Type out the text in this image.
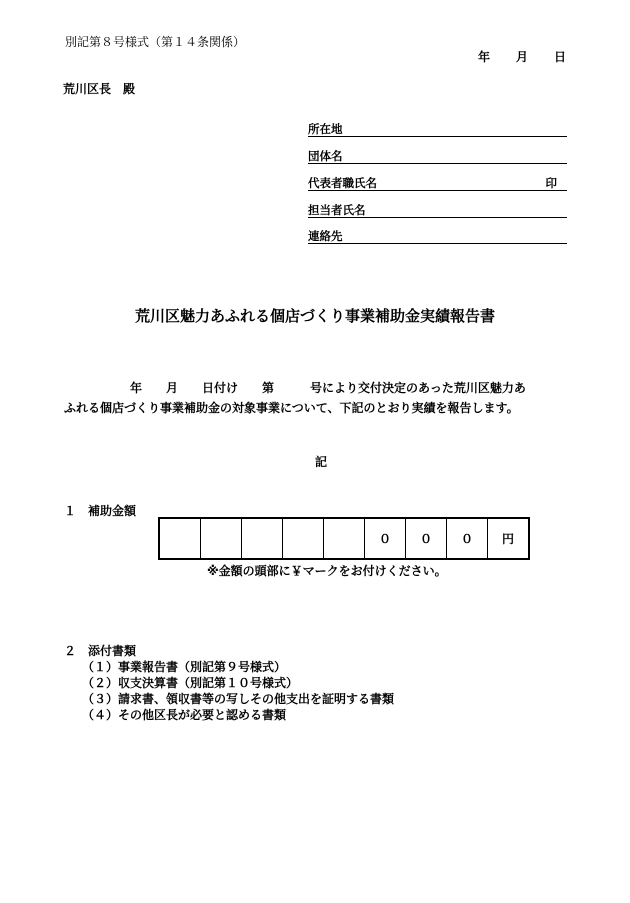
別記第８号様式（第１４条関係）
年 月 日
荒川区長　殿
所在地
団体名
代表者職氏名	印
担当者氏名
連絡先
荒川区魅力あふれる個店づくり事業補助金実績報告書
年　　月　　日付け　　第　　　号により交付決定のあった荒川区魅力あ
ふれる個店づくり事業補助金の対象事業について、下記のとおり実績を報告します。
記
１　補助金額
					０	０	０	円
※金額の頭部に￥マークをお付けください。
２　添付書類
（１）事業報告書（別記第９号様式）
（２）収支決算書（別記第１０号様式）
（３）請求書、領収書等の写しその他支出を証明する書類
（４）その他区長が必要と認める書類
